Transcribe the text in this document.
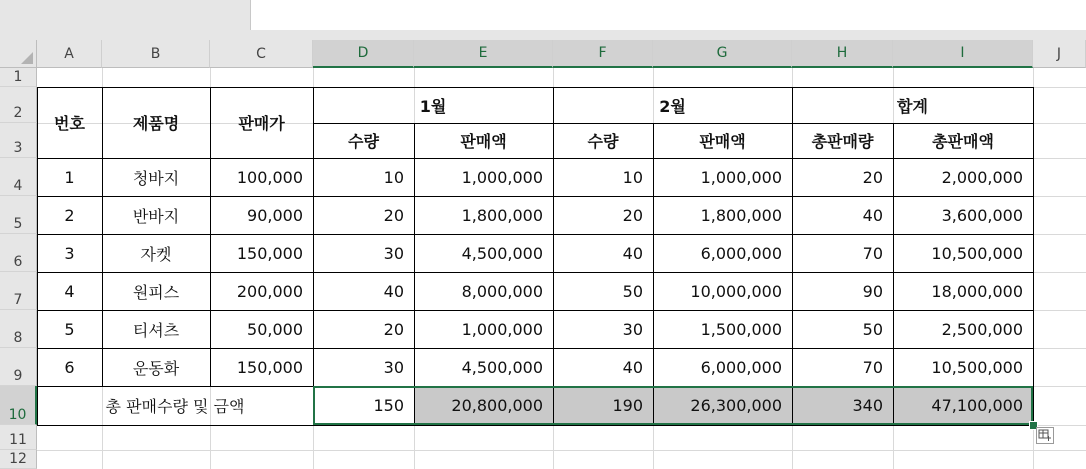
A	B	C	D	E	F	G	H	I	J
1
2
3
4
5
6
7
8
9
10
11
12
번호	제품명	판매가
1월	2월	합계
수량	판매액	수량	판매액	총판매량	총판매액
1	청바지	100,000	10	1,000,000	10	1,000,000	20	2,000,000
2	반바지	90,000	20	1,800,000	20	1,800,000	40	3,600,000
3	자켓	150,000	30	4,500,000	40	6,000,000	70	10,500,000
4	원피스	200,000	40	8,000,000	50	10,000,000	90	18,000,000
5	티셔츠	50,000	20	1,000,000	30	1,500,000	50	2,500,000
6	운동화	150,000	30	4,500,000	40	6,000,000	70	10,500,000
총 판매수량 및 금액	150	20,800,000	190	26,300,000	340	47,100,000
